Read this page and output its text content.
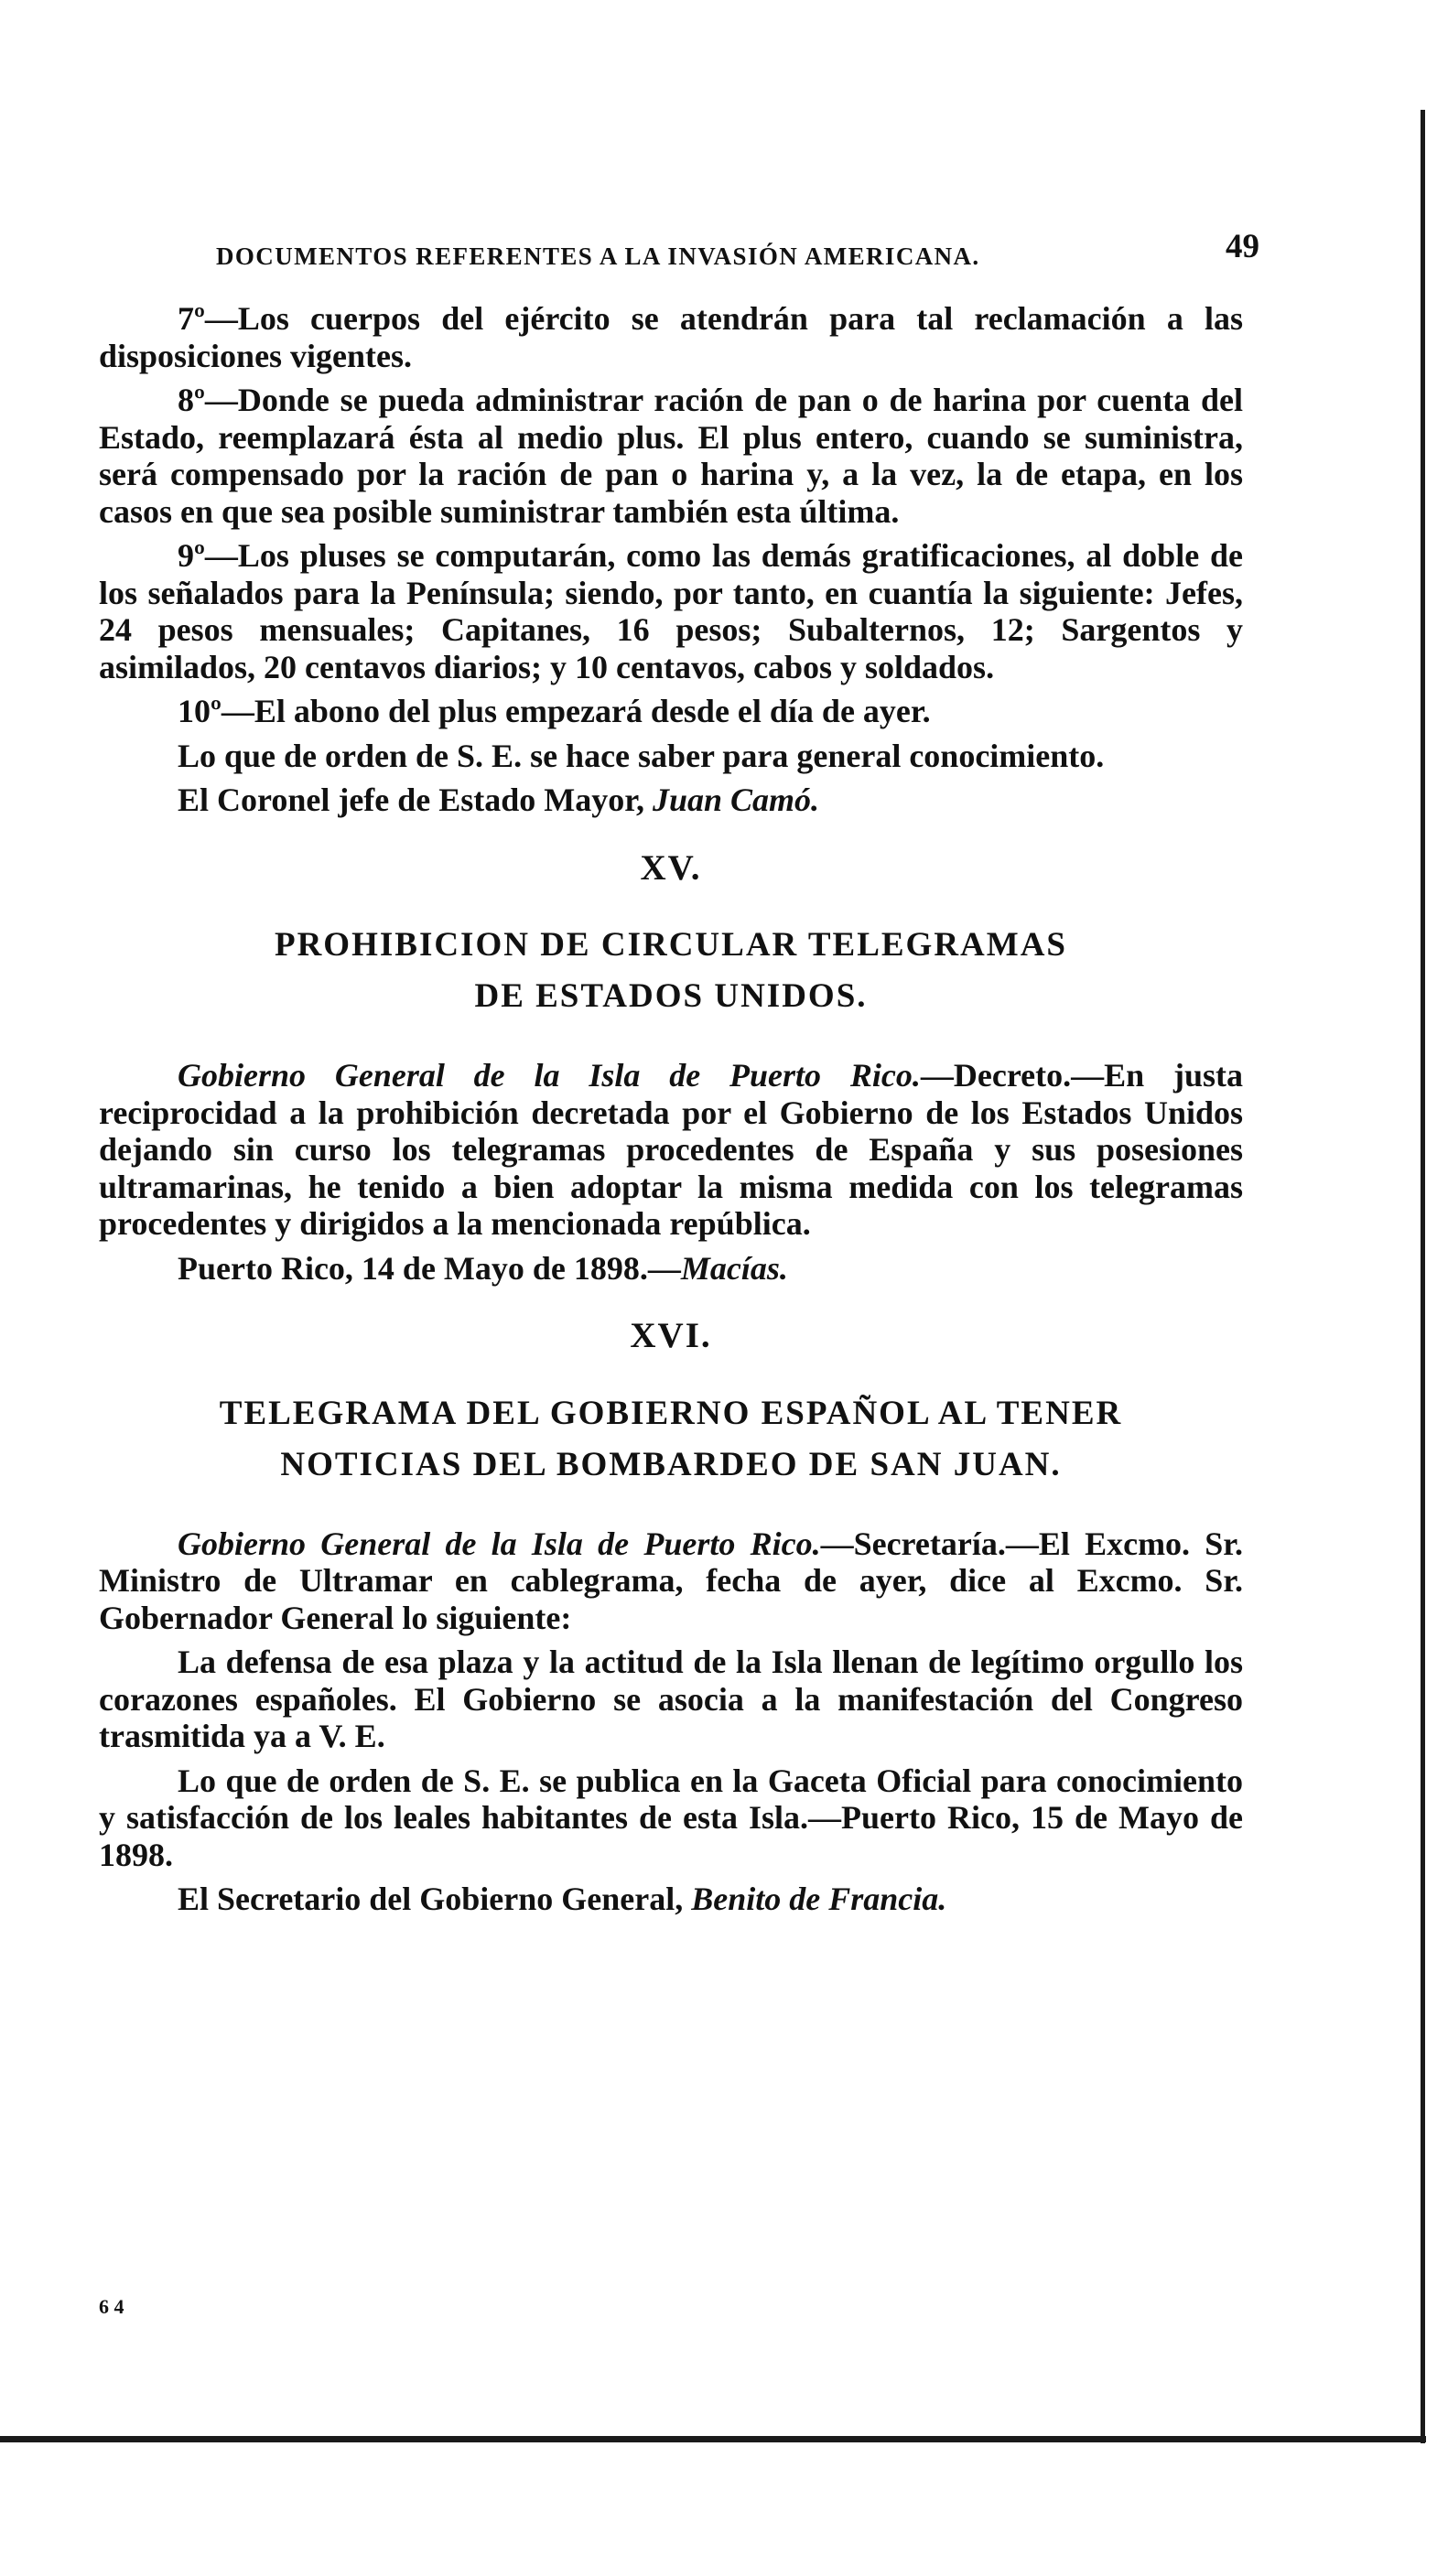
DOCUMENTOS REFERENTES A LA INVASIÓN AMERICANA.	49

7º—Los cuerpos del ejército se atendrán para tal reclamación a las disposiciones vigentes.

8º—Donde se pueda administrar ración de pan o de harina por cuenta del Estado, reemplazará ésta al medio plus. El plus entero, cuando se suministra, será compensado por la ración de pan o harina y, a la vez, la de etapa, en los casos en que sea posible suministrar también esta última.

9º—Los pluses se computarán, como las demás gratificaciones, al doble de los señalados para la Península; siendo, por tanto, en cuantía la siguiente: Jefes, 24 pesos mensuales; Capitanes, 16 pesos; Subalternos, 12; Sargentos y asimilados, 20 centavos diarios; y 10 centavos, cabos y soldados.

10º—El abono del plus empezará desde el día de ayer.

Lo que de orden de S. E. se hace saber para general conocimiento.

El Coronel jefe de Estado Mayor, Juan Camó.

XV.
PROHIBICION DE CIRCULAR TELEGRAMAS
DE ESTADOS UNIDOS.

Gobierno General de la Isla de Puerto Rico.—Decreto.—En justa reciprocidad a la prohibición decretada por el Gobierno de los Estados Unidos dejando sin curso los telegramas procedentes de España y sus posesiones ultramarinas, he tenido a bien adoptar la misma medida con los telegramas procedentes y dirigidos a la mencionada república.

Puerto Rico, 14 de Mayo de 1898.—Macías.

XVI.
TELEGRAMA DEL GOBIERNO ESPAÑOL AL TENER
NOTICIAS DEL BOMBARDEO DE SAN JUAN.

Gobierno General de la Isla de Puerto Rico.—Secretaría.—El Excmo. Sr. Ministro de Ultramar en cablegrama, fecha de ayer, dice al Excmo. Sr. Gobernador General lo siguiente:

La defensa de esa plaza y la actitud de la Isla llenan de legítimo orgullo los corazones españoles. El Gobierno se asocia a la manifestación del Congreso trasmitida ya a V. E.

Lo que de orden de S. E. se publica en la Gaceta Oficial para conocimiento y satisfacción de los leales habitantes de esta Isla.—Puerto Rico, 15 de Mayo de 1898.

El Secretario del Gobierno General, Benito de Francia.

6 4
